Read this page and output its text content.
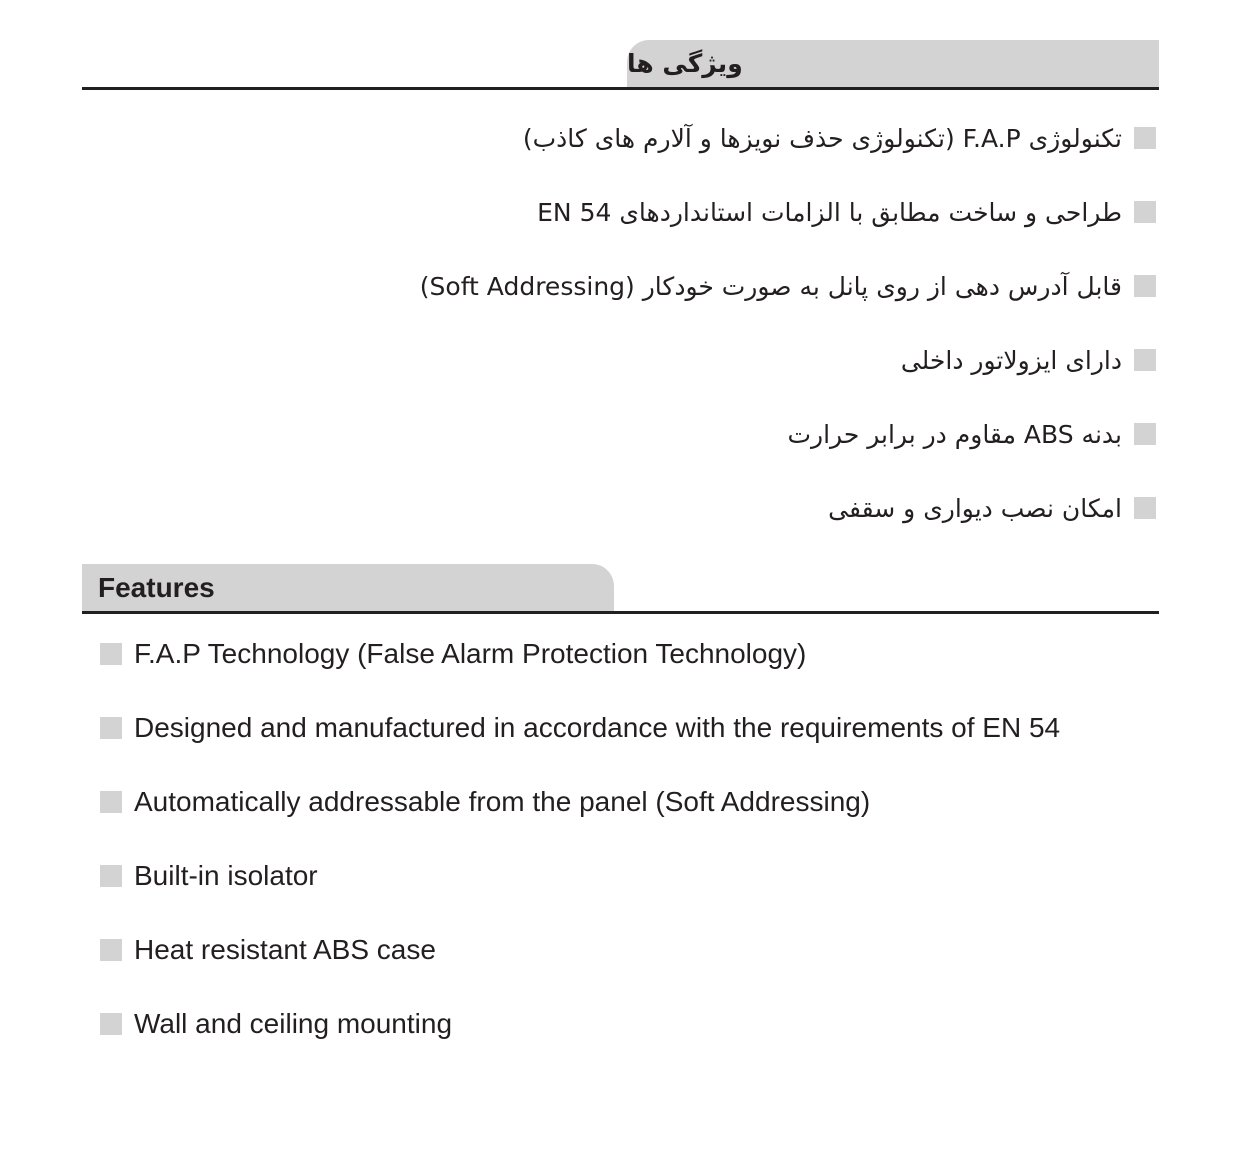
ویژگی ها
تکنولوژی F.A.P (تکنولوژی حذف نویزها و آلارم های کاذب)
طراحی و ساخت مطابق با الزامات استانداردهای EN 54
قابل آدرس دهی از روی پانل به صورت خودکار (Soft Addressing)
دارای ایزولاتور داخلی
بدنه ABS مقاوم در برابر حرارت
امکان نصب دیواری و سقفی
Features
F.A.P Technology (False Alarm Protection Technology)
Designed and manufactured in accordance with the requirements of EN 54
Automatically addressable from the panel (Soft Addressing)
Built-in isolator
Heat resistant ABS case
Wall and ceiling mounting
